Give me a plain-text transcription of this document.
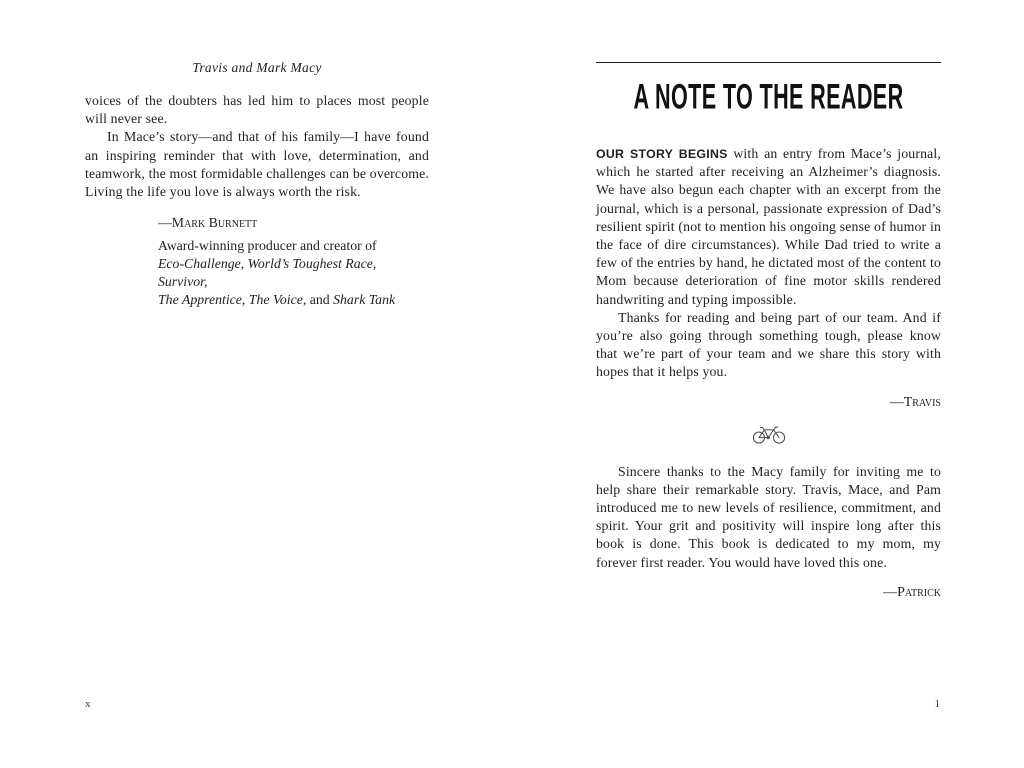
Travis and Mark Macy

voices of the doubters has led him to places most people will never see.

In Mace’s story—and that of his family—I have found an inspiring reminder that with love, determination, and teamwork, the most formidable challenges can be overcome. Living the life you love is always worth the risk.

—Mark Burnett
Award-winning producer and creator of
Eco-Challenge, World’s Toughest Race, Survivor,
The Apprentice, The Voice, and Shark Tank
A NOTE TO THE READER

OUR STORY BEGINS with an entry from Mace’s journal, which he started after receiving an Alzheimer’s diagnosis. We have also begun each chapter with an excerpt from the journal, which is a personal, passionate expression of Dad’s resilient spirit (not to mention his ongoing sense of humor in the face of dire circumstances). While Dad tried to write a few of the entries by hand, he dictated most of the content to Mom because deterioration of fine motor skills rendered handwriting and typing impossible.

Thanks for reading and being part of our team. And if you’re also going through something tough, please know that we’re part of your team and we share this story with hopes that it helps you.

—Travis

Sincere thanks to the Macy family for inviting me to help share their remarkable story. Travis, Mace, and Pam introduced me to new levels of resilience, commitment, and spirit. Your grit and positivity will inspire long after this book is done. This book is dedicated to my mom, my forever first reader. You would have loved this one.

—Patrick
x	1
